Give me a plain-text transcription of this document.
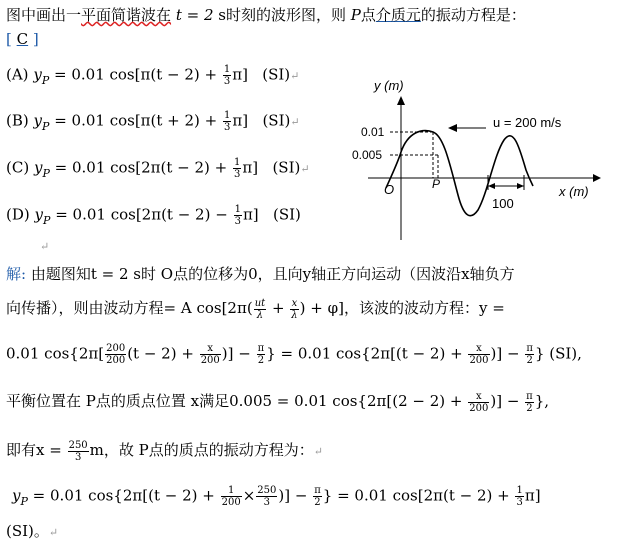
图中画出一平面简谐波在 t = 2 s时刻的波形图，则 P点介质元的振动方程是：
[ C ]
(A) $y_P = 0.01$ $\cos[\pi(t - 2) + \frac{1}{3} \pi]$ (SI)↵
(B) $y_P = 0.01$ $\cos[\pi(t + 2) + \frac{1}{3} \pi]$ (SI)↵
(C) $y_P = 0.01$ $\cos[2\pi(t - 2) + \frac{1}{3} \pi]$ (SI)↵
(D) $y_P = 0.01$ $\cos[2\pi(t - 2) - \frac{1}{3} \pi]$ (SI)
↵
y (m)
x (m)
O
0.01
0.005
P
u = 200 m/s
100
解: 由题图知t = 2 s时 O点的位移为0，且向y轴正方向运动（因波沿x轴负方
向传播），则由波动方程= A $\cos[2\pi( \frac{ut}{\lambda} + \frac{x}{\lambda}$ ) + φ]，该波的波动方程：y =
0.01 $\cos\{2\pi[ \frac{200}{200} (t - 2) + \frac{x}{200}$ )] − $\frac{\pi}{2}$ } = 0.01 $\cos\{2\pi[(t - 2) + \frac{x}{200}$ )] − $\frac{\pi}{2}$ } (SI),
平衡位置在 P点的质点位置 x满足0.005 = 0.01 $\cos\{2\pi[(2 - 2) + \frac{x}{200}$ )] − $\frac{\pi}{2}$ },
即有$x = \frac{250}{3}$ m，故 P点的质点的振动方程为：↵
$y_P = 0.01$ $\cos\{2\pi[(t - 2) + \frac{1}{200} \times \frac{250}{3}$ )] − $\frac{\pi}{2}$ } = 0.01 $\cos[2\pi(t - 2) + \frac{1}{3} \pi]$
(SI)。↵
